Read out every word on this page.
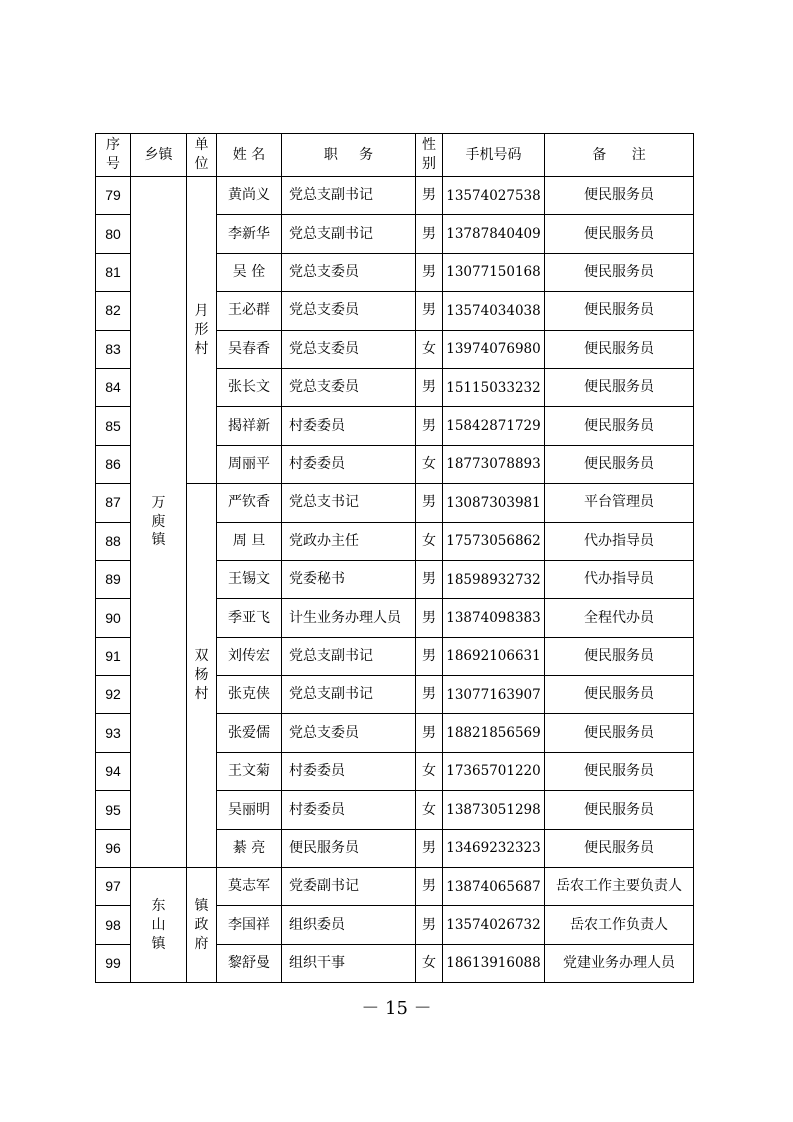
序号	乡镇	单位	姓 名	职 务	性别	手机号码	备 注
79	万庾镇	月形村	黄尚义	党总支副书记	男	13574027538	便民服务员
80			李新华	党总支副书记	男	13787840409	便民服务员
81			吴 佺	党总支委员	男	13077150168	便民服务员
82			王必群	党总支委员	男	13574034038	便民服务员
83			吴春香	党总支委员	女	13974076980	便民服务员
84			张长文	党总支委员	男	15115033232	便民服务员
85			揭祥新	村委委员	男	15842871729	便民服务员
86			周丽平	村委委员	女	18773078893	便民服务员
87		双杨村	严钦香	党总支书记	男	13087303981	平台管理员
88			周 旦	党政办主任	女	17573056862	代办指导员
89			王锡文	党委秘书	男	18598932732	代办指导员
90			季亚飞	计生业务办理人员	男	13874098383	全程代办员
91			刘传宏	党总支副书记	男	18692106631	便民服务员
92			张克侠	党总支副书记	男	13077163907	便民服务员
93			张爱儒	党总支委员	男	18821856569	便民服务员
94			王文菊	村委委员	女	17365701220	便民服务员
95			吴丽明	村委委员	女	13873051298	便民服务员
96			綦 亮	便民服务员	男	13469232323	便民服务员
97	东山镇	镇政府	莫志军	党委副书记	男	13874065687	岳农工作主要负责人
98			李国祥	组织委员	男	13574026732	岳农工作负责人
99			黎舒曼	组织干事	女	18613916088	党建业务办理人员
－ 15 －
